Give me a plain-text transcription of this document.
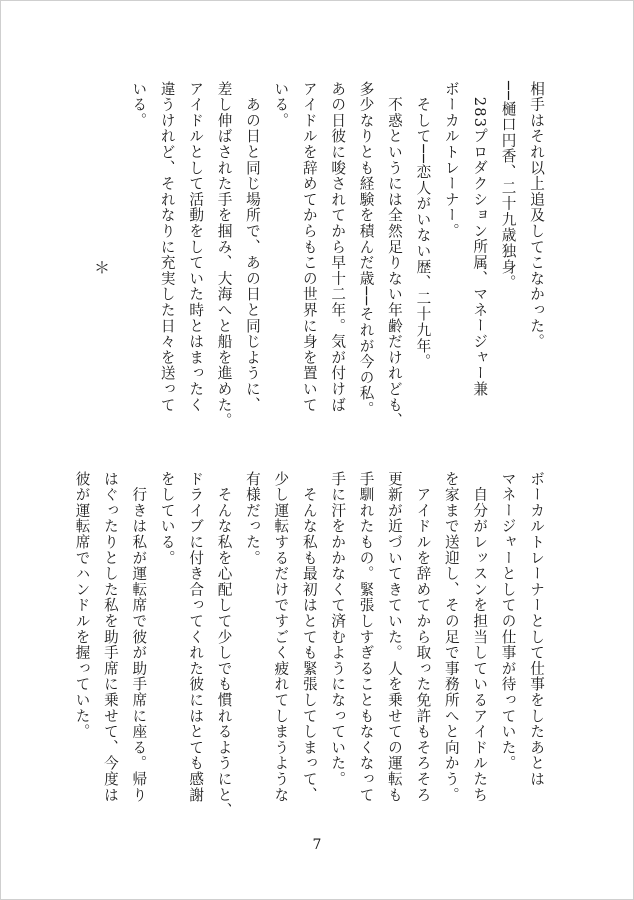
相手はそれ以上追及してこなかった。
──樋口円香、二十九歳独身。
　283プロダクション所属、マネージャー兼
ボーカルトレーナー。
　そして──恋人がいない歴、二十九年。
　不惑というには全然足りない年齢だけれども、
多少なりとも経験を積んだ歳──それが今の私。
あの日彼に唆されてから早十二年。気が付けば
アイドルを辞めてからもこの世界に身を置いて
いる。
　あの日と同じ場所で、あの日と同じように、
差し伸ばされた手を掴み、大海へと船を進めた。
アイドルとして活動をしていた時とはまったく
違うけれど、それなりに充実した日々を送って
いる。
＊
ボーカルトレーナーとして仕事をしたあとは
マネージャーとしての仕事が待っていた。
　自分がレッスンを担当しているアイドルたち
を家まで送迎し、その足で事務所へと向かう。
　アイドルを辞めてから取った免許もそろそろ
更新が近づいてきていた。人を乗せての運転も
手馴れたもの。緊張しすぎることもなくなって
手に汗をかかなくて済むようになっていた。
　そんな私も最初はとても緊張してしまって、
少し運転するだけですごく疲れてしまうような
有様だった。
　そんな私を心配して少しでも慣れるようにと、
ドライブに付き合ってくれた彼にはとても感謝
をしている。
　行きは私が運転席で彼が助手席に座る。帰り
はぐったりとした私を助手席に乗せて、今度は
彼が運転席でハンドルを握っていた。
7
